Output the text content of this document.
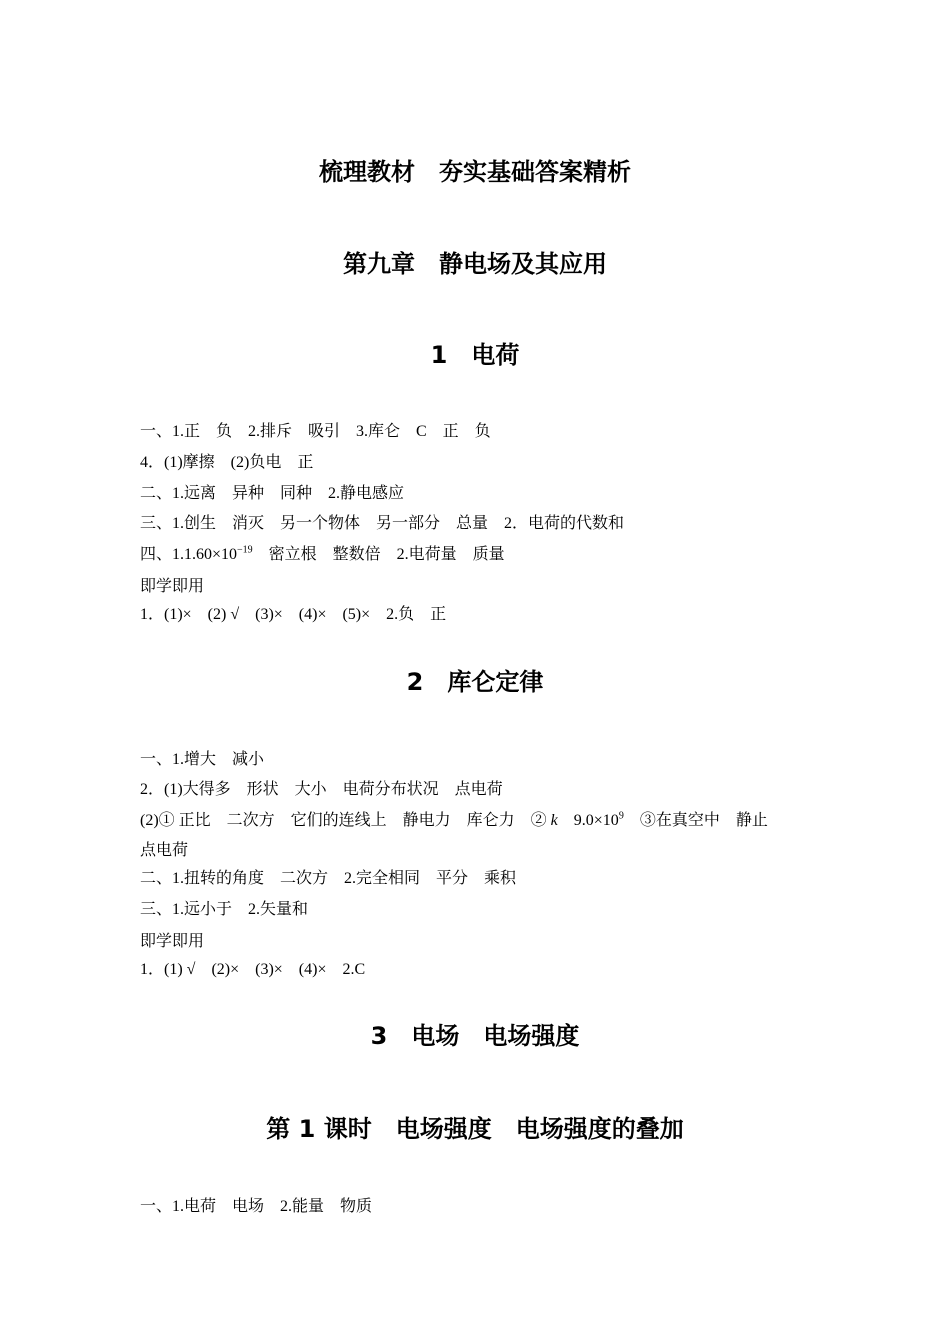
梳理教材　夯实基础答案精析
第九章　静电场及其应用
1　电荷
一、1.正　负　2.排斥　吸引　3.库仑　C　正　负
4．(1)摩擦　(2)负电　正
二、1.远离　异种　同种　2.静电感应
三、1.创生　消灭　另一个物体　另一部分　总量　2．电荷的代数和
四、$1.1.60\times 10^{-19}$　密立根　整数倍　2.电荷量　质量
即学即用
1．(1)×　(2) √　(3)×　(4)×　(5)×　2.负　正
2　库仑定律
一、1.增大　减小
2．(1)大得多　形状　大小　电荷分布状况　点电荷
(2)① 正比　二次方　它们的连线上　静电力　库仑力　② k　$9.0\times 10^9$　③在真空中　静止
点电荷
二、1.扭转的角度　二次方　2.完全相同　平分　乘积
三、1.远小于　2.矢量和
即学即用
1．(1) √　(2)×　(3)×　(4)×　2.C
3　电场　电场强度
第 1 课时　电场强度　电场强度的叠加
一、1.电荷　电场　2.能量　物质
